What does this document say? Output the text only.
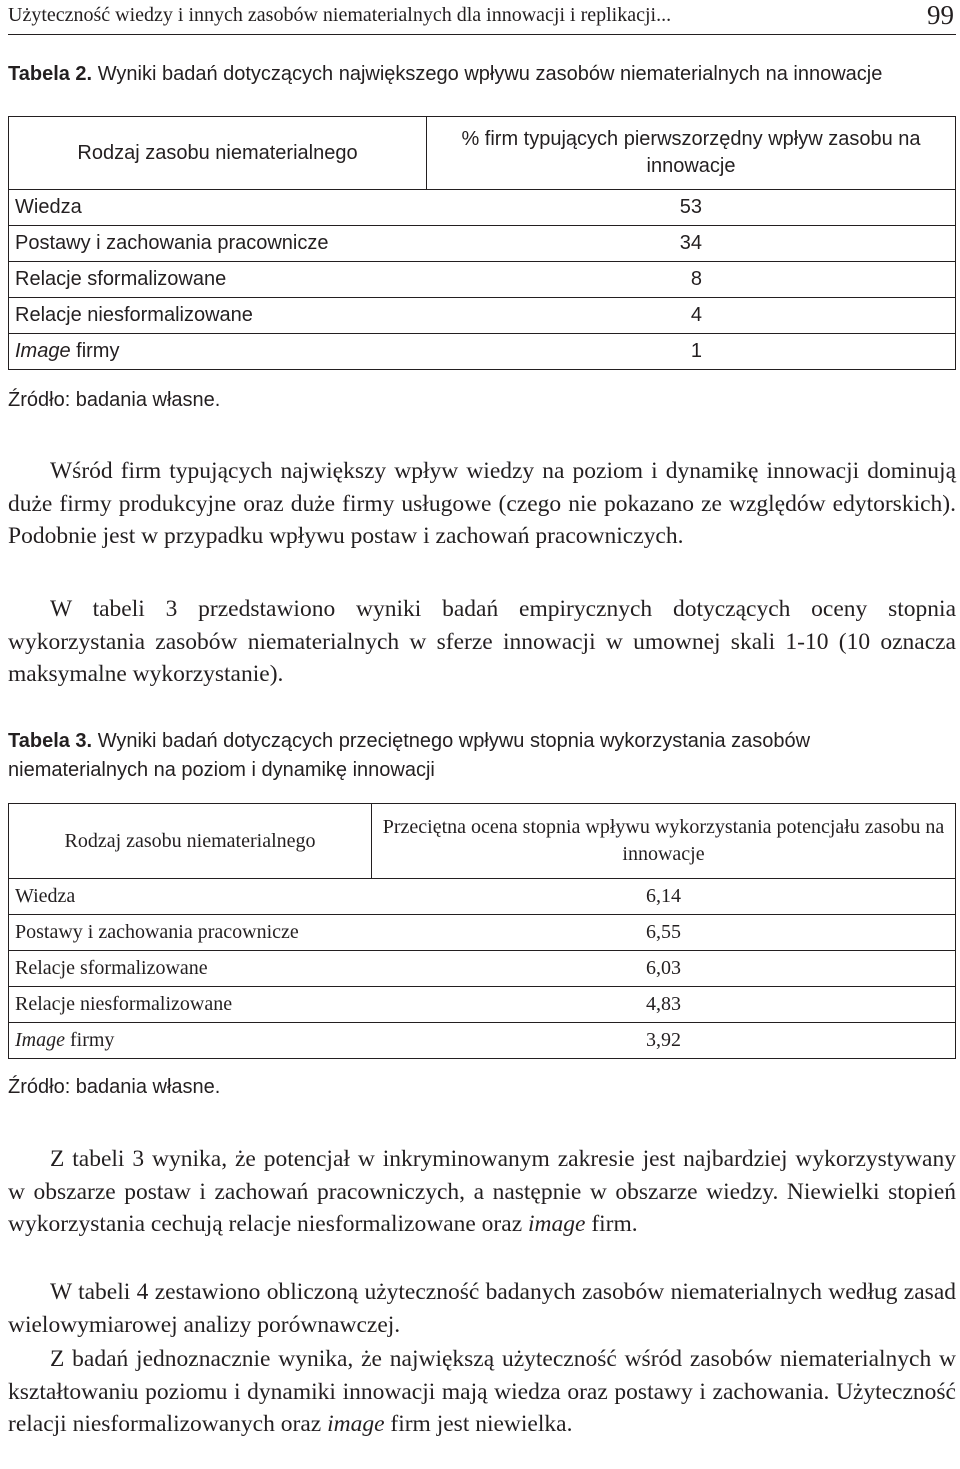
Użyteczność wiedzy i innych zasobów niematerialnych dla innowacji i replikacji...	99
Tabela 2. Wyniki badań dotyczących największego wpływu zasobów niematerialnych na innowacje
Rodzaj zasobu niematerialnego	% firm typujących pierwszorzędny wpływ zasobu na innowacje
Wiedza	53

Postawy i zachowania pracownicze	34

Relacje sformalizowane	8

Relacje niesformalizowane	4

Image firmy	1
Źródło: badania własne.

Wśród firm typujących największy wpływ wiedzy na poziom i dynamikę innowacji dominują duże firmy produkcyjne oraz duże firmy usługowe (czego nie pokazano ze względów edytorskich). Podobnie jest w przypadku wpływu postaw i zachowań pracowniczych.

W tabeli 3 przedstawiono wyniki badań empirycznych dotyczących oceny stopnia wykorzystania zasobów niematerialnych w sferze innowacji w umownej skali 1-10 (10 oznacza maksymalne wykorzystanie).

Tabela 3. Wyniki badań dotyczących przeciętnego wpływu stopnia wykorzystania zasobów niematerialnych na poziom i dynamikę innowacji
Rodzaj zasobu niematerialnego	Przeciętna ocena stopnia wpływu wykorzystania potencjału zasobu na innowacje
Wiedza	6,14

Postawy i zachowania pracownicze	6,55

Relacje sformalizowane	6,03

Relacje niesformalizowane	4,83

Image firmy	3,92
Źródło: badania własne.

Z tabeli 3 wynika, że potencjał w inkryminowanym zakresie jest najbardziej wykorzystywany w obszarze postaw i zachowań pracowniczych, a następnie w obszarze wiedzy. Niewielki stopień wykorzystania cechują relacje niesformalizowane oraz image firm.

W tabeli 4 zestawiono obliczoną użyteczność badanych zasobów niematerialnych według zasad wielowymiarowej analizy porównawczej.

Z badań jednoznacznie wynika, że największą użyteczność wśród zasobów niematerialnych w kształtowaniu poziomu i dynamiki innowacji mają wiedza oraz postawy i zachowania. Użyteczność relacji niesformalizowanych oraz image firm jest niewielka.
